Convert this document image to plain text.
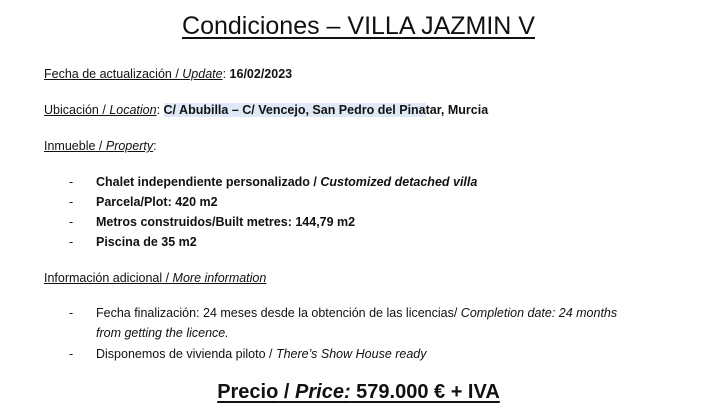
Condiciones – VILLA JAZMIN V
Fecha de actualización / Update: 16/02/2023
Ubicación / Location: C/ Abubilla – C/ Vencejo, San Pedro del Pinatar, Murcia
Inmueble / Property:
- Chalet independiente personalizado / Customized detached villa
- Parcela/Plot: 420 m2
- Metros construidos/Built metres: 144,79 m2
- Piscina de 35 m2
Información adicional / More information
- Fecha finalización: 24 meses desde la obtención de las licencias/ Completion date: 24 months
from getting the licence.
- Disponemos de vivienda piloto / There’s Show House ready
Precio / Price: 579.000 € + IVA
